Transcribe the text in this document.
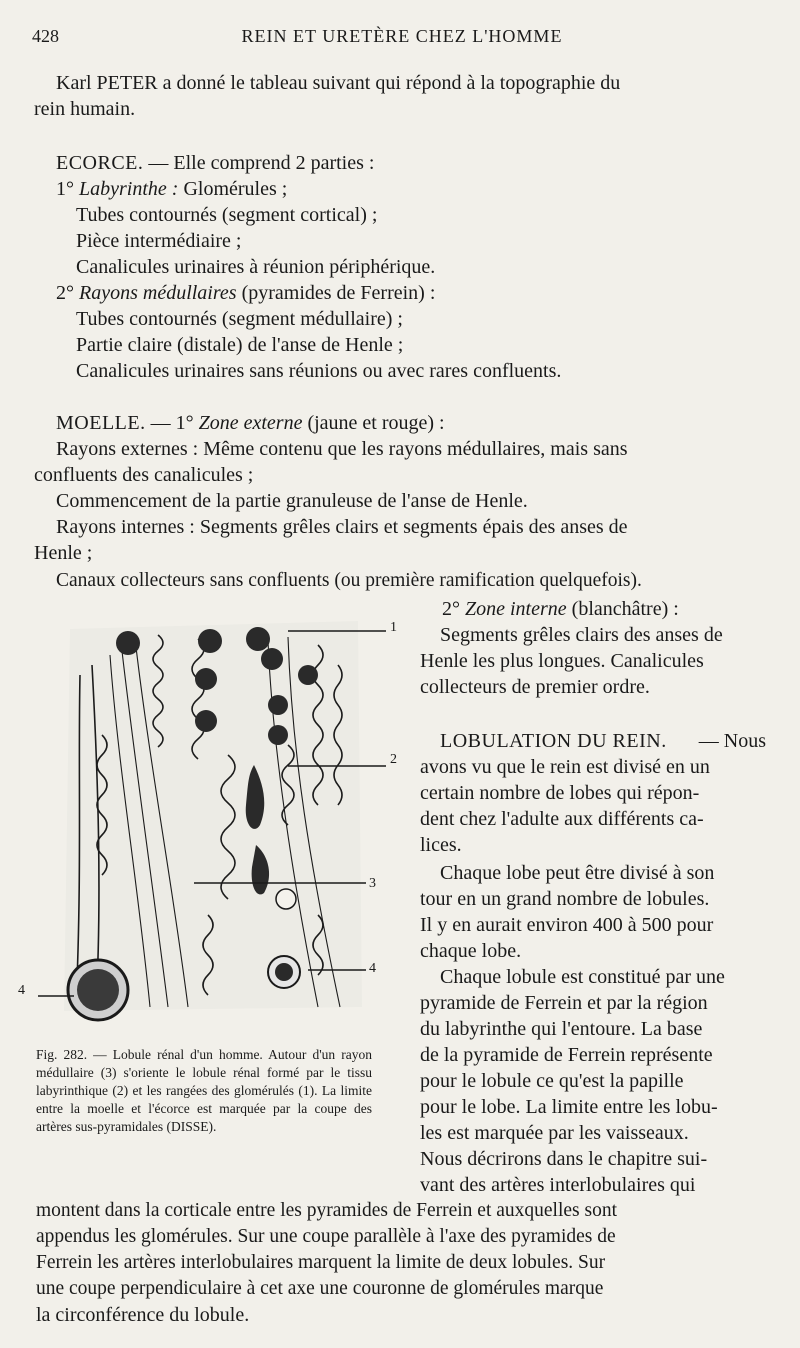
428	REIN ET URETÈRE CHEZ L'HOMME
Karl PETER a donné le tableau suivant qui répond à la topographie du
rein humain.
ECORCE. — Elle comprend 2 parties :
1° Labyrinthe : Glomérules ;
Tubes contournés (segment cortical) ;
Pièce intermédiaire ;
Canalicules urinaires à réunion périphérique.
2° Rayons médullaires (pyramides de Ferrein) :
Tubes contournés (segment médullaire) ;
Partie claire (distale) de l'anse de Henle ;
Canalicules urinaires sans réunions ou avec rares confluents.
MOELLE. — 1° Zone externe (jaune et rouge) :
Rayons externes : Même contenu que les rayons médullaires, mais sans
confluents des canalicules ;
Commencement de la partie granuleuse de l'anse de Henle.
Rayons internes : Segments grêles clairs et segments épais des anses de
Henle ;
Canaux collecteurs sans confluents (ou première ramification quelquefois).
2° Zone interne (blanchâtre) :
Segments grêles clairs des anses de
Henle les plus longues. Canalicules
collecteurs de premier ordre.
LOBULATION DU REIN. — Nous
avons vu que le rein est divisé en un
certain nombre de lobes qui répon-
dent chez l'adulte aux différents ca-
lices.
Chaque lobe peut être divisé à son
tour en un grand nombre de lobules.
Il y en aurait environ 400 à 500 pour
chaque lobe.
Chaque lobule est constitué par une
pyramide de Ferrein et par la région
du labyrinthe qui l'entoure. La base
de la pyramide de Ferrein représente
pour le lobule ce qu'est la papille
pour le lobe. La limite entre les lobu-
les est marquée par les vaisseaux.
Nous décrirons dans le chapitre sui-
vant des artères interlobulaires qui
montent dans la corticale entre les pyramides de Ferrein et auxquelles sont
appendus les glomérules. Sur une coupe parallèle à l'axe des pyramides de
Ferrein les artères interlobulaires marquent la limite de deux lobules. Sur
une coupe perpendiculaire à cet axe une couronne de glomérules marque
la circonférence du lobule.
1
2
3
4
4
Fig. 282. — Lobule rénal d'un homme. Autour d'un rayon médullaire (3) s'oriente le lobule rénal formé par le tissu labyrinthique (2) et les rangées des glomérulés (1). La limite entre la moelle et l'écorce est marquée par la coupe des artères sus-pyramidales (DISSE).
